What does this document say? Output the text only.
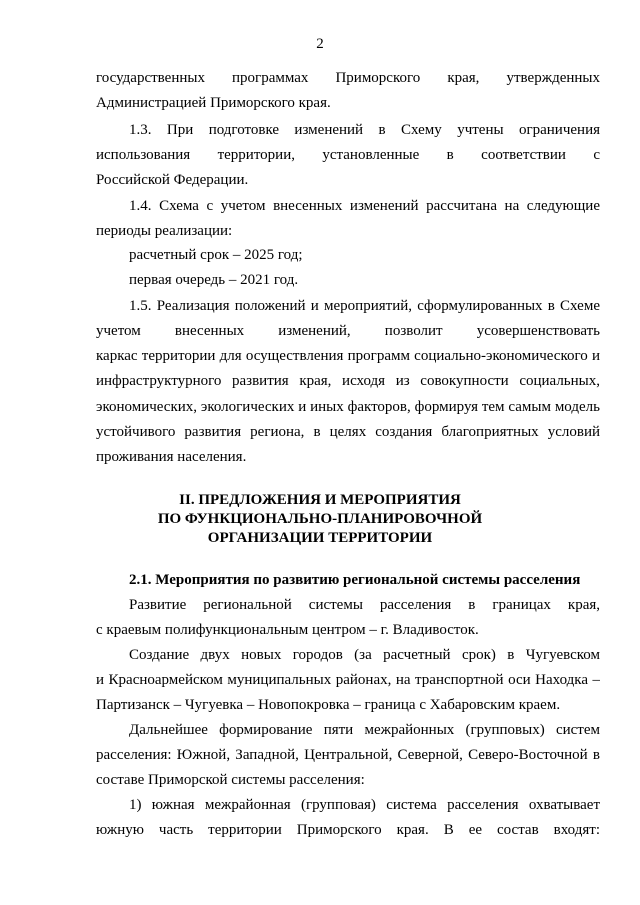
2
государственных программах Приморского края, утвержденных
Администрацией Приморского края.
1.3. При подготовке изменений в Схему учтены ограничения
использования территории, установленные в соответствии с
Российской Федерации.
1.4. Схема с учетом внесенных изменений рассчитана на следующие
периоды реализации:
расчетный срок – 2025 год;
первая очередь – 2021 год.
1.5. Реализация положений и мероприятий, сформулированных в Схеме
учетом внесенных изменений, позволит усовершенствовать
каркас территории для осуществления программ социально-экономического и
инфраструктурного развития края, исходя из совокупности социальных,
экономических, экологических и иных факторов, формируя тем самым модель
устойчивого развития региона, в целях создания благоприятных условий
проживания населения.
II. ПРЕДЛОЖЕНИЯ И МЕРОПРИЯТИЯ
ПО ФУНКЦИОНАЛЬНО-ПЛАНИРОВОЧНОЙ
ОРГАНИЗАЦИИ ТЕРРИТОРИИ
2.1. Мероприятия по развитию региональной системы расселения
Развитие региональной системы расселения в границах края,
с краевым полифункциональным центром – г. Владивосток.
Создание двух новых городов (за расчетный срок) в Чугуевском
и Красноармейском муниципальных районах, на транспортной оси Находка –
Партизанск – Чугуевка – Новопокровка – граница с Хабаровским краем.
Дальнейшее формирование пяти межрайонных (групповых) систем
расселения: Южной, Западной, Центральной, Северной, Северо-Восточной в
составе Приморской системы расселения:
1) южная межрайонная (групповая) система расселения охватывает
южную часть территории Приморского края. В ее состав входят:
